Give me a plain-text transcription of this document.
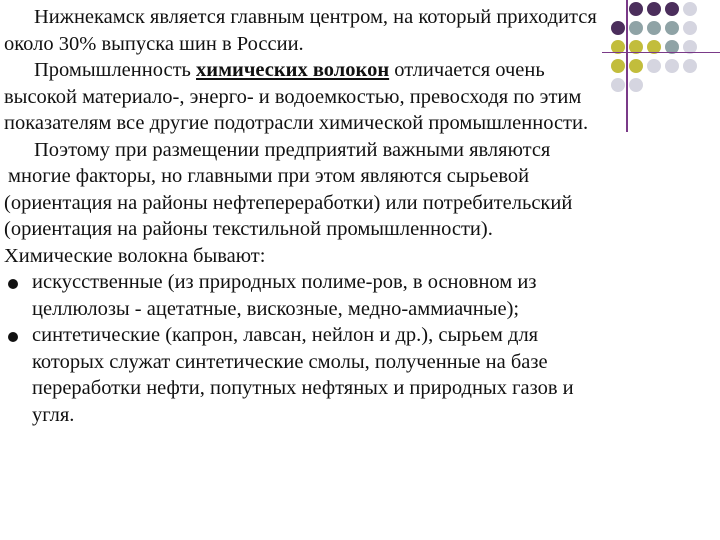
Нижнекамск является главным центром, на который приходится
около 30% выпуска шин в России.
Промышленность химических волокон отличается очень
высокой материало-, энерго- и водоемкостью, превосходя по этим
показателям все другие подотрасли химической промышленности.
Поэтому при размещении предприятий важными являются
многие факторы, но главными при этом являются сырьевой
(ориентация на районы нефтепереработки) или потребительский
(ориентация на районы текстильной промышленности).
Химические волокна бывают:
искусственные (из природных полиме-ров, в основном из
целлюлозы - ацетатные, вискозные, медно-аммиачные);
синтетические (капрон, лавсан, нейлон и др.), сырьем для
которых служат синтетические смолы, полученные на базе
переработки нефти, попутных нефтяных и природных газов и
угля.
